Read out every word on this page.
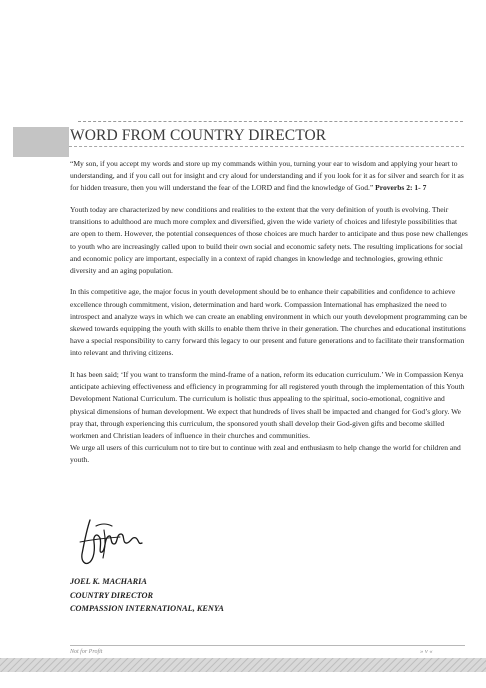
WORD FROM COUNTRY DIRECTOR

“My son, if you accept my words and store up my commands within you, turning your ear to wisdom and applying your heart to understanding, and if you call out for insight and cry aloud for understanding and if you look for it as for silver and search for it as for hidden treasure, then you will understand the fear of the LORD and find the knowledge of God.” Proverbs 2: 1- 7

Youth today are characterized by new conditions and realities to the extent that the very definition of youth is evolving. Their transitions to adulthood are much more complex and diversified, given the wide variety of choices and lifestyle possibilities that are open to them. However, the potential consequences of those choices are much harder to anticipate and thus pose new challenges to youth who are increasingly called upon to build their own social and economic safety nets. The resulting implications for social and economic policy are important, especially in a context of rapid changes in knowledge and technologies, growing ethnic diversity and an aging population.

In this competitive age, the major focus in youth development should be to enhance their capabilities and confidence to achieve excellence through commitment, vision, determination and hard work. Compassion International has emphasized the need to introspect and analyze ways in which we can create an enabling environment in which our youth development programming can be skewed towards equipping the youth with skills to enable them thrive in their generation. The churches and educational institutions have a special responsibility to carry forward this legacy to our present and future generations and to facilitate their transformation into relevant and thriving citizens.

It has been said; ‘If you want to transform the mind-frame of a nation, reform its education curriculum.’ We in Compassion Kenya anticipate achieving effectiveness and efficiency in programming for all registered youth through the implementation of this Youth Development National Curriculum. The curriculum is holistic thus appealing to the spiritual, socio-emotional, cognitive and physical dimensions of human development. We expect that hundreds of lives shall be impacted and changed for God’s glory. We pray that, through experiencing this curriculum, the sponsored youth shall develop their God-given gifts and become skilled workmen and Christian leaders of influence in their churches and communities.

We urge all users of this curriculum not to tire but to continue with zeal and enthusiasm to help change the world for children and youth.

JOEL K. MACHARIA
COUNTRY DIRECTOR
COMPASSION INTERNATIONAL, KENYA
Not for Profit	» v «
